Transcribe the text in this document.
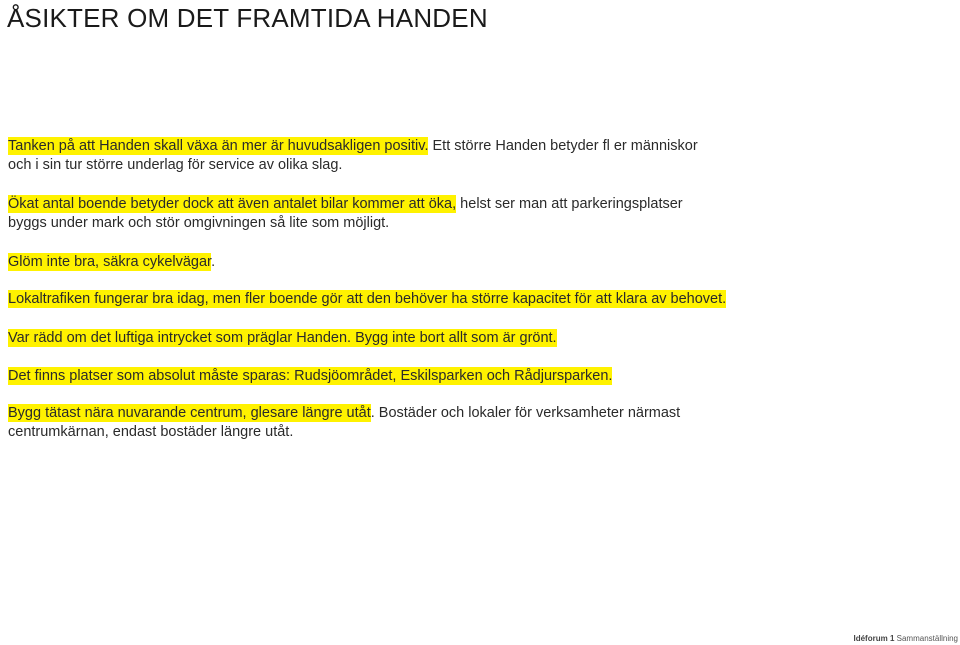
ÅSIKTER OM DET FRAMTIDA HANDEN
Tanken på att Handen skall växa än mer är huvudsakligen positiv. Ett större Handen betyder fl er människor
och i sin tur större underlag för service av olika slag.
Ökat antal boende betyder dock att även antalet bilar kommer att öka, helst ser man att parkeringsplatser
byggs under mark och stör omgivningen så lite som möjligt.
Glöm inte bra, säkra cykelvägar.
Lokaltrafiken fungerar bra idag, men fler boende gör att den behöver ha större kapacitet för att klara av behovet.
Var rädd om det luftiga intrycket som präglar Handen. Bygg inte bort allt som är grönt.
Det finns platser som absolut måste sparas: Rudsjöområdet, Eskilsparken och Rådjursparken.
Bygg tätast nära nuvarande centrum, glesare längre utåt. Bostäder och lokaler för verksamheter närmast
centrumkärnan, endast bostäder längre utåt.
Idéforum 1 Sammanställning
